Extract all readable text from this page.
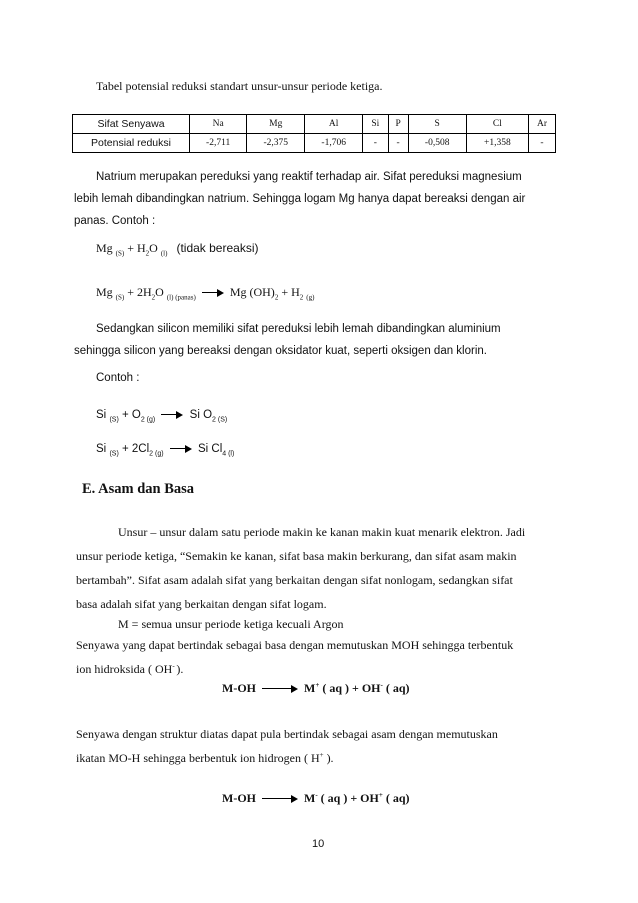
Tabel potensial reduksi standart unsur-unsur periode ketiga.
Sifat Senyawa	Na	Mg	Al	Si	P	S	Cl	Ar
Potensial reduksi	-2,711	-2,375	-1,706	-	-	-0,508	+1,358	-
Natrium merupakan pereduksi yang reaktif terhadap air. Sifat pereduksi magnesium
lebih lemah dibandingkan natrium. Sehingga logam Mg hanya dapat bereaksi dengan air
panas. Contoh :
Mg $_{(S)} + H_2O$ $_{(l)}$ (tidak bereaksi)
Mg $_{(S)} + 2H_2O$ $_{(l) (panas)}$	Mg $(OH)_2 + H_2$ $_{(g)}$
Sedangkan silicon memiliki sifat pereduksi lebih lemah dibandingkan aluminium
sehingga silicon yang bereaksi dengan oksidator kuat, seperti oksigen dan klorin.
Contoh :
Si $_{(S)} + O_{2 (g)}$	Si $O_{2 (S)}$
Si $_{(S)} + 2Cl_{2 (g)}$	Si $Cl_{4 (l)}$
E. Asam dan Basa
Unsur – unsur dalam satu periode makin ke kanan makin kuat menarik elektron. Jadi
unsur periode ketiga, “Semakin ke kanan, sifat basa makin berkurang, dan sifat asam makin
bertambah”. Sifat asam adalah sifat yang berkaitan dengan sifat nonlogam, sedangkan sifat
basa adalah sifat yang berkaitan dengan sifat logam.
M = semua unsur periode ketiga kecuali Argon
Senyawa yang dapat bertindak sebagai basa dengan memutuskan MOH sehingga terbentuk
ion hidroksida ( OH- ).
M-OH	M+ ( aq ) + OH- ( aq)
Senyawa dengan struktur diatas dapat pula bertindak sebagai asam dengan memutuskan
ikatan MO-H sehingga berbentuk ion hidrogen ( H+ ).
M-OH	M- ( aq ) + OH+ ( aq)
10
